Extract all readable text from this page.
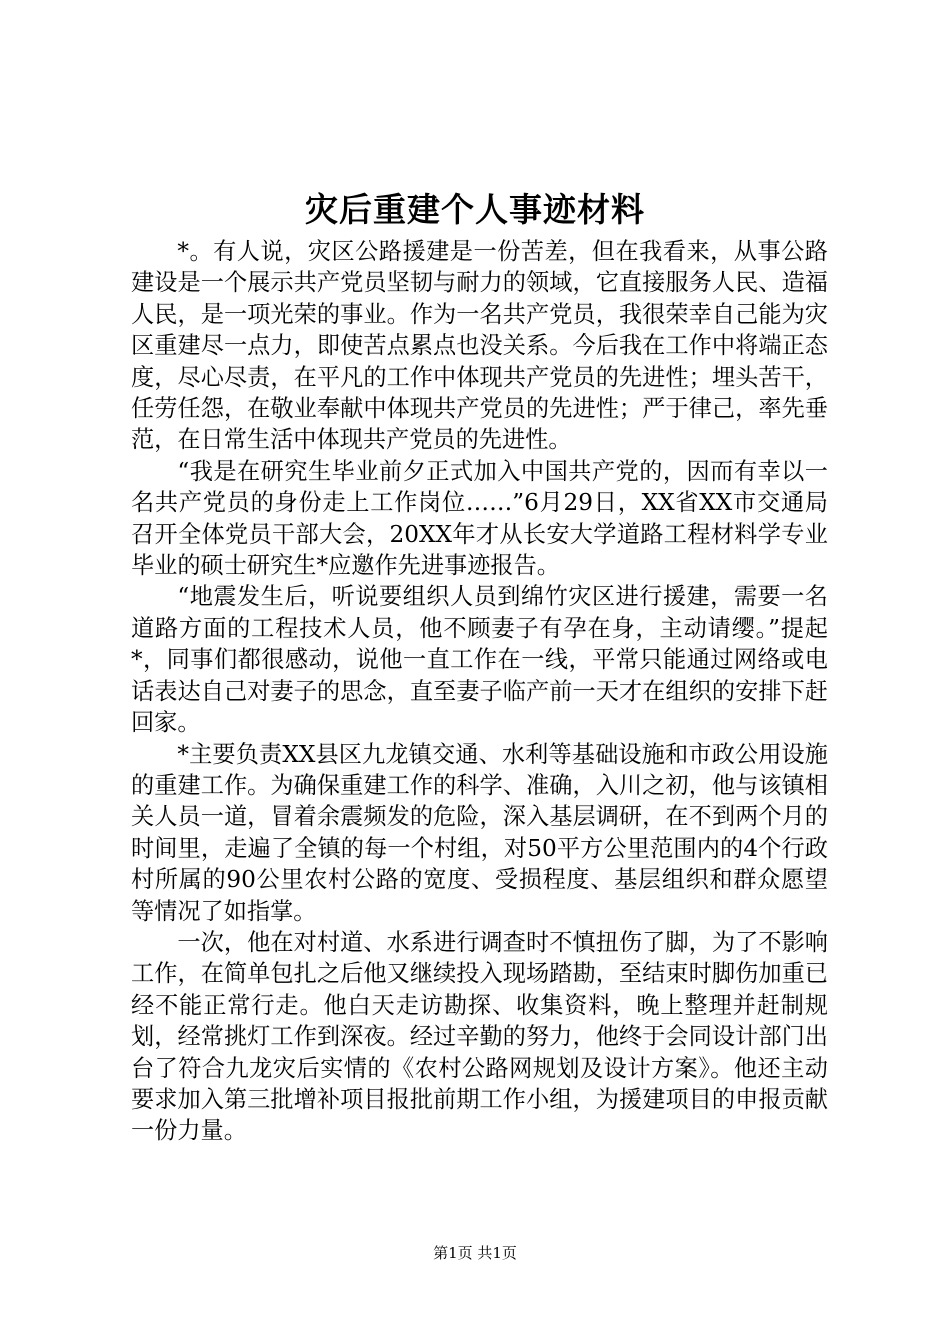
灾后重建个人事迹材料

*。有人说，灾区公路援建是一份苦差，但在我看来，从事公路建设是一个展示共产党员坚韧与耐力的领域，它直接服务人民、造福人民，是一项光荣的事业。作为一名共产党员，我很荣幸自己能为灾区重建尽一点力，即使苦点累点也没关系。今后我在工作中将端正态度，尽心尽责，在平凡的工作中体现共产党员的先进性；埋头苦干，任劳任怨，在敬业奉献中体现共产党员的先进性；严于律己，率先垂范，在日常生活中体现共产党员的先进性。

“我是在研究生毕业前夕正式加入中国共产党的，因而有幸以一名共产党员的身份走上工作岗位……”6月29日，XX省XX市交通局召开全体党员干部大会，20XX年才从长安大学道路工程材料学专业毕业的硕士研究生*应邀作先进事迹报告。

“地震发生后，听说要组织人员到绵竹灾区进行援建，需要一名道路方面的工程技术人员，他不顾妻子有孕在身，主动请缨。”提起*，同事们都很感动，说他一直工作在一线，平常只能通过网络或电话表达自己对妻子的思念，直至妻子临产前一天才在组织的安排下赶回家。

*主要负责XX县区九龙镇交通、水利等基础设施和市政公用设施的重建工作。为确保重建工作的科学、准确，入川之初，他与该镇相关人员一道，冒着余震频发的危险，深入基层调研，在不到两个月的时间里，走遍了全镇的每一个村组，对50平方公里范围内的4个行政村所属的90公里农村公路的宽度、受损程度、基层组织和群众愿望等情况了如指掌。

一次，他在对村道、水系进行调查时不慎扭伤了脚，为了不影响工作，在简单包扎之后他又继续投入现场踏勘，至结束时脚伤加重已经不能正常行走。他白天走访勘探、收集资料，晚上整理并赶制规划，经常挑灯工作到深夜。经过辛勤的努力，他终于会同设计部门出台了符合九龙灾后实情的《农村公路网规划及设计方案》。他还主动要求加入第三批增补项目报批前期工作小组，为援建项目的申报贡献一份力量。

第1页 共1页
